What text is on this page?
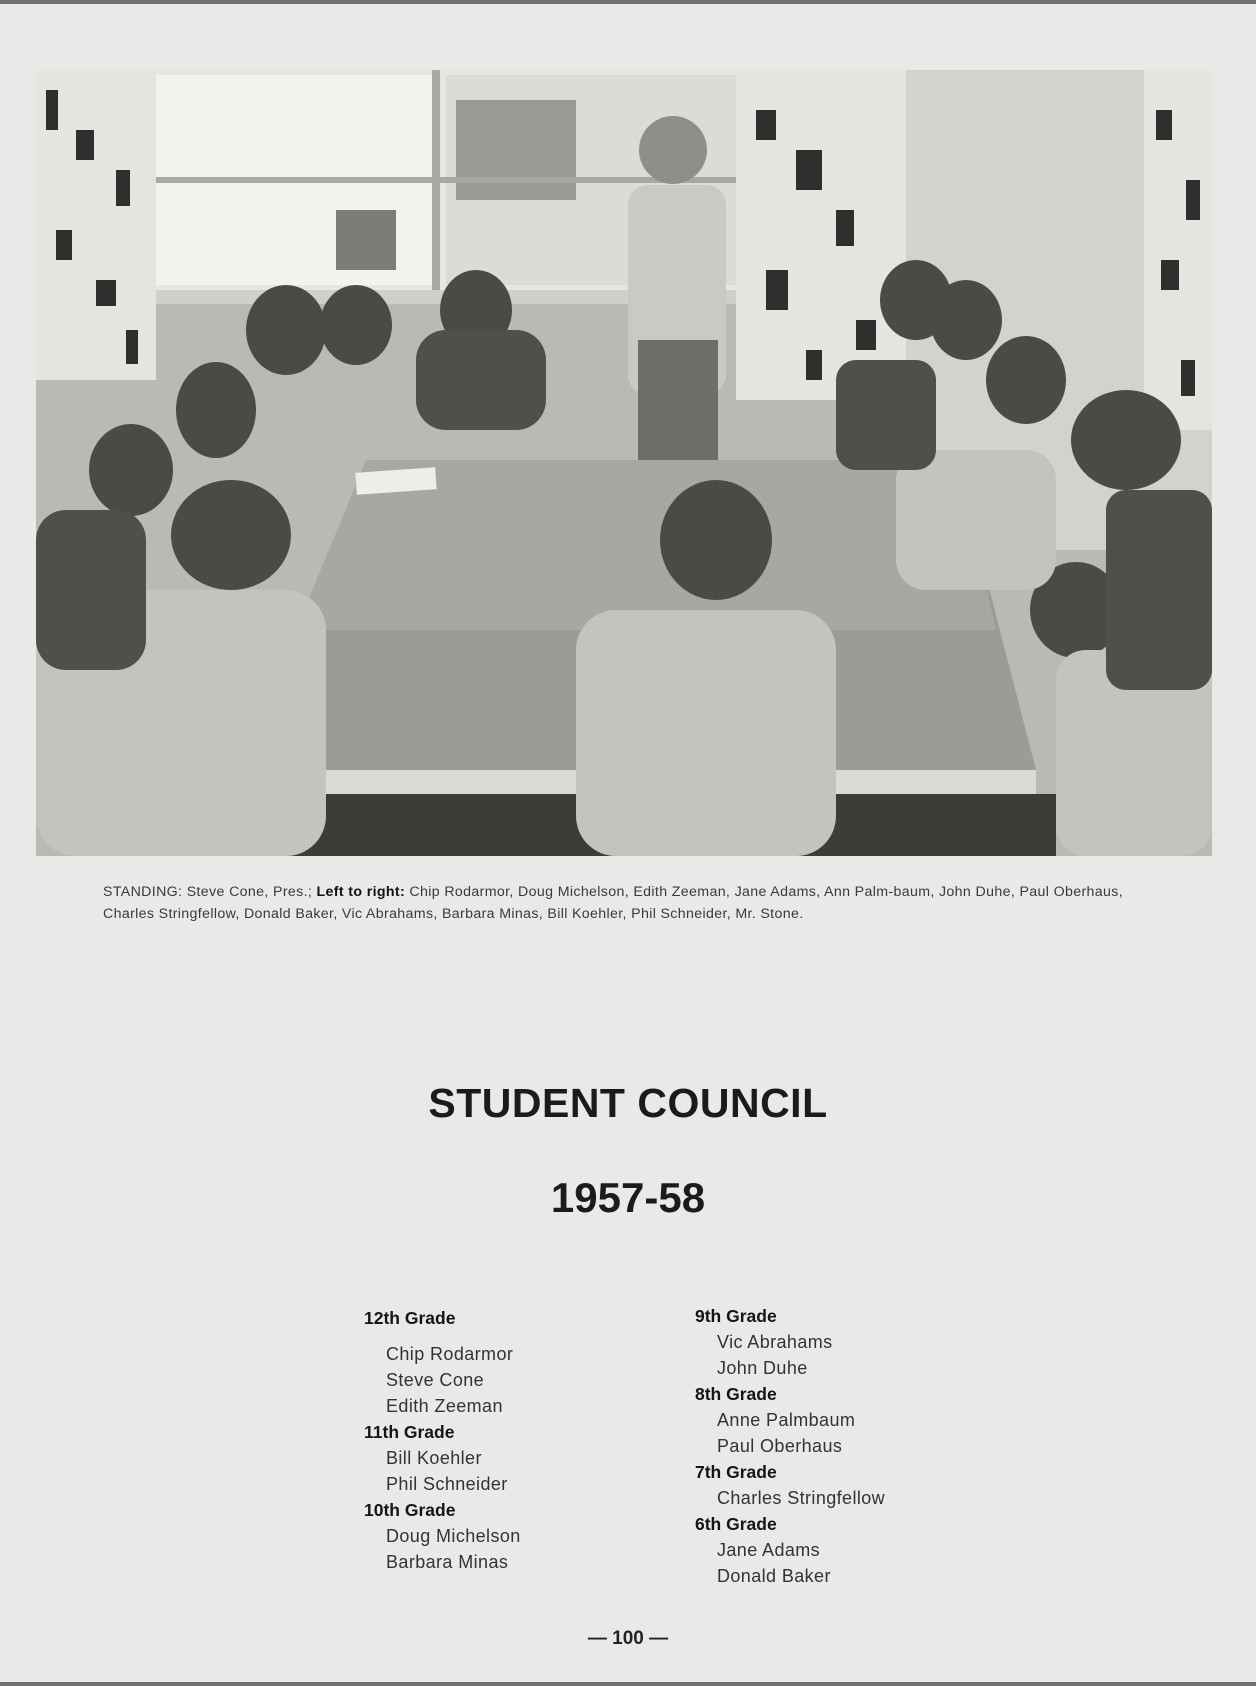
STANDING: Steve Cone, Pres.; Left to right: Chip Rodarmor, Doug Michelson, Edith Zeeman, Jane Adams, Ann Palm-baum, John Duhe, Paul Oberhaus, Charles Stringfellow, Donald Baker, Vic Abrahams, Barbara Minas, Bill Koehler, Phil Schneider, Mr. Stone.
STUDENT COUNCIL
1957-58
12th Grade
Chip Rodarmor
Steve Cone
Edith Zeeman
11th Grade
Bill Koehler
Phil Schneider
10th Grade
Doug Michelson
Barbara Minas
9th Grade
Vic Abrahams
John Duhe
8th Grade
Anne Palmbaum
Paul Oberhaus
7th Grade
Charles Stringfellow
6th Grade
Jane Adams
Donald Baker
— 100 —
